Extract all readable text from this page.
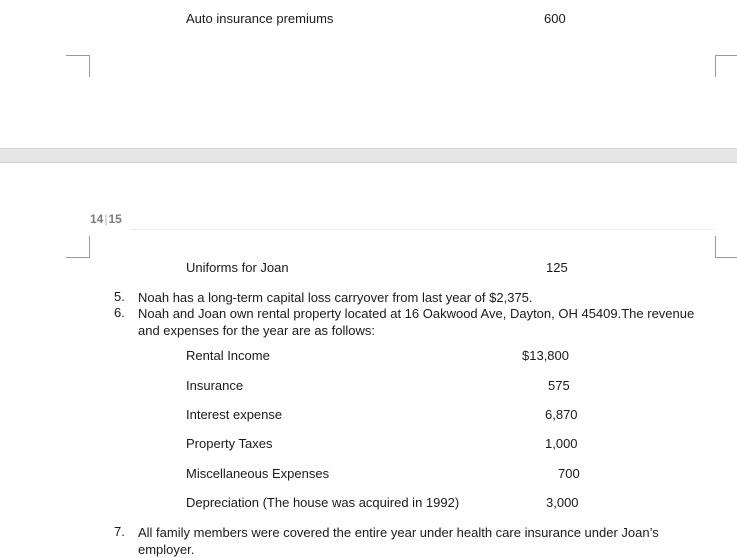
Auto insurance premiums	600
14|15
Uniforms for Joan	125
5. Noah has a long-term capital loss carryover from last year of $2,375.
6. Noah and Joan own rental property located at 16 Oakwood Ave, Dayton, OH 45409.The revenue and expenses for the year are as follows:
Rental Income	$13,800
Insurance	575
Interest expense	6,870
Property Taxes	1,000
Miscellaneous Expenses	700
Depreciation (The house was acquired in 1992)	3,000
7. All family members were covered the entire year under health care insurance under Joan’s employer.
